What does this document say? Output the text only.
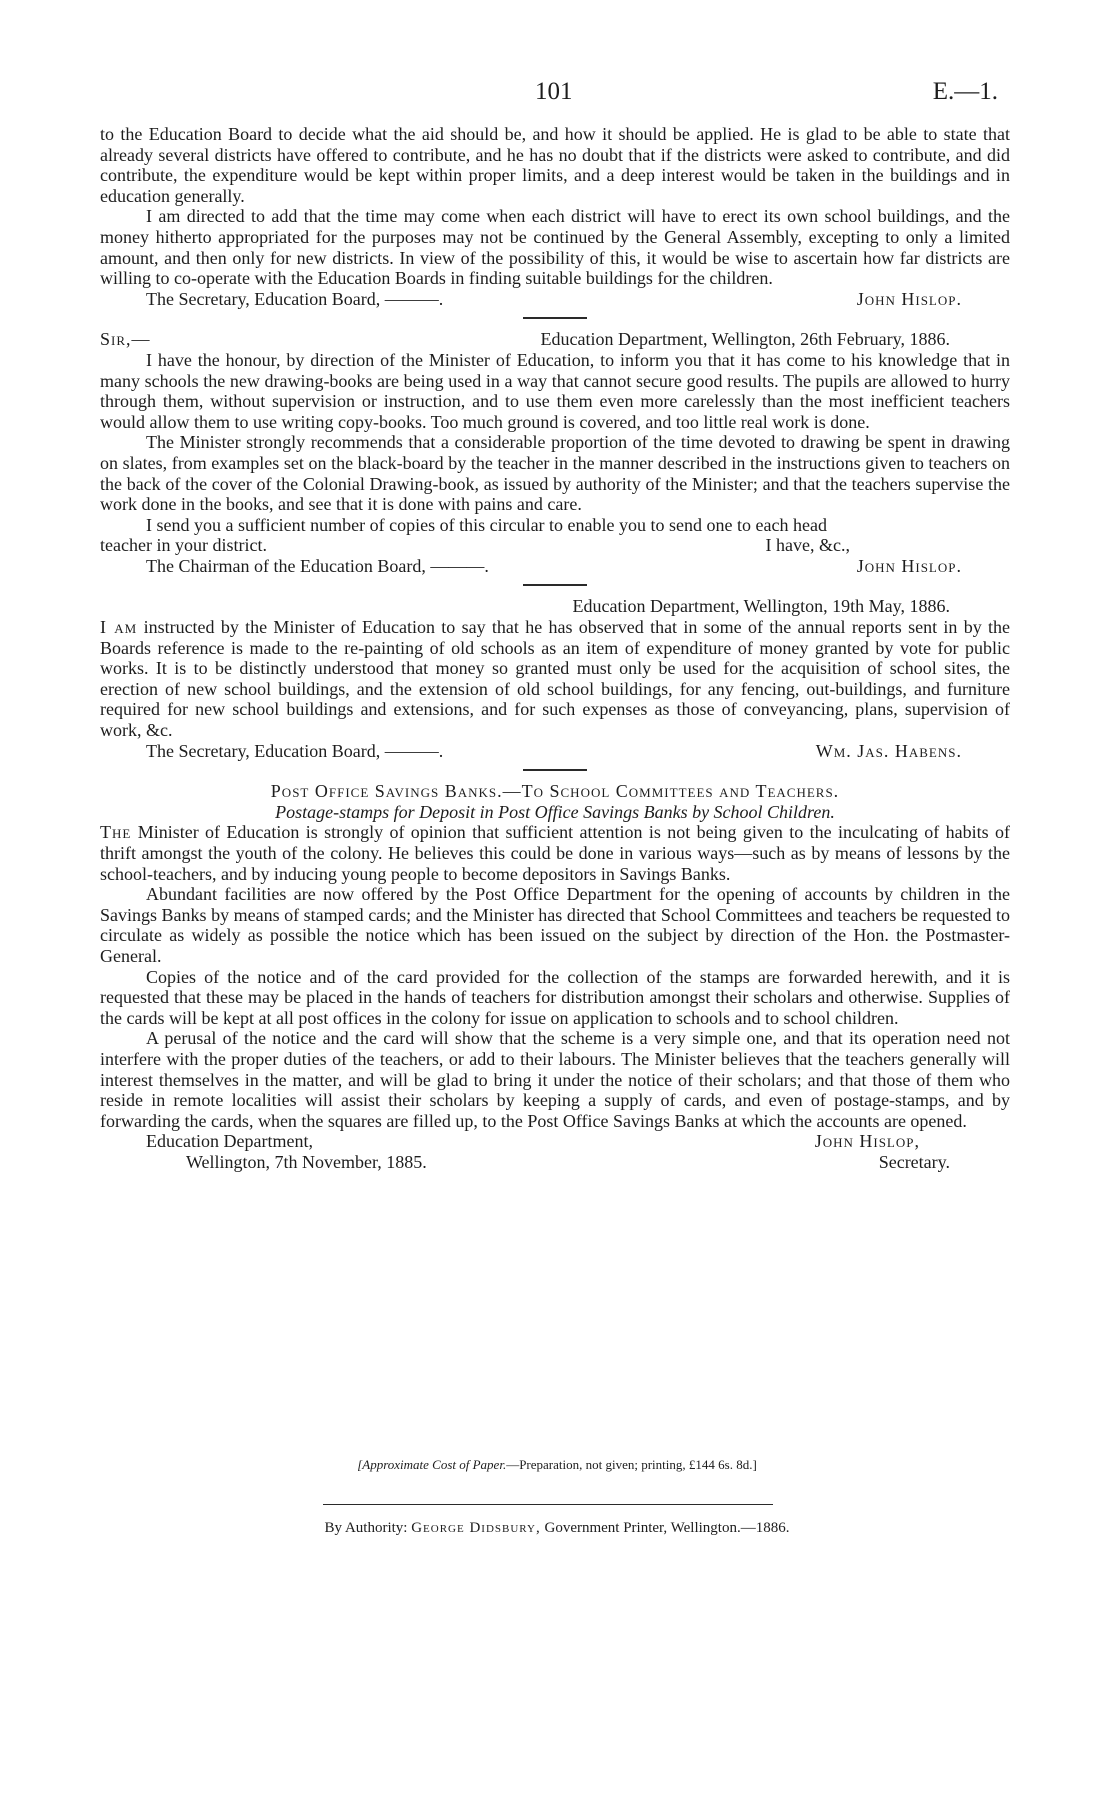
101	E.—1.

to the Education Board to decide what the aid should be, and how it should be applied. He is glad to be able to state that already several districts have offered to contribute, and he has no doubt that if the districts were asked to contribute, and did contribute, the expenditure would be kept within proper limits, and a deep interest would be taken in the buildings and in education generally.

I am directed to add that the time may come when each district will have to erect its own school buildings, and the money hitherto appropriated for the purposes may not be continued by the General Assembly, excepting to only a limited amount, and then only for new districts. In view of the possibility of this, it would be wise to ascertain how far districts are willing to co-operate with the Education Boards in finding suitable buildings for the children.

The Secretary, Education Board, ———.	John Hislop.
Sir,—	Education Department, Wellington, 26th February, 1886.

I have the honour, by direction of the Minister of Education, to inform you that it has come to his knowledge that in many schools the new drawing-books are being used in a way that cannot secure good results. The pupils are allowed to hurry through them, without supervision or instruction, and to use them even more carelessly than the most inefficient teachers would allow them to use writing copy-books. Too much ground is covered, and too little real work is done.

The Minister strongly recommends that a considerable proportion of the time devoted to drawing be spent in drawing on slates, from examples set on the black-board by the teacher in the manner described in the instructions given to teachers on the back of the cover of the Colonial Drawing-book, as issued by authority of the Minister; and that the teachers supervise the work done in the books, and see that it is done with pains and care.

I send you a sufficient number of copies of this circular to enable you to send one to each head

teacher in your district.	I have, &c.,
The Chairman of the Education Board, ———.	John Hislop.
Education Department, Wellington, 19th May, 1886.

I am instructed by the Minister of Education to say that he has observed that in some of the annual reports sent in by the Boards reference is made to the re-painting of old schools as an item of expenditure of money granted by vote for public works. It is to be distinctly understood that money so granted must only be used for the acquisition of school sites, the erection of new school buildings, and the extension of old school buildings, for any fencing, out-buildings, and furniture required for new school buildings and extensions, and for such expenses as those of conveyancing, plans, supervision of work, &c.

The Secretary, Education Board, ———.	Wm. Jas. Habens.
Post Office Savings Banks.—To School Committees and Teachers.
Postage-stamps for Deposit in Post Office Savings Banks by School Children.

The Minister of Education is strongly of opinion that sufficient attention is not being given to the inculcating of habits of thrift amongst the youth of the colony. He believes this could be done in various ways—such as by means of lessons by the school-teachers, and by inducing young people to become depositors in Savings Banks.

Abundant facilities are now offered by the Post Office Department for the opening of accounts by children in the Savings Banks by means of stamped cards; and the Minister has directed that School Committees and teachers be requested to circulate as widely as possible the notice which has been issued on the subject by direction of the Hon. the Postmaster-General.

Copies of the notice and of the card provided for the collection of the stamps are forwarded herewith, and it is requested that these may be placed in the hands of teachers for distribution amongst their scholars and otherwise. Supplies of the cards will be kept at all post offices in the colony for issue on application to schools and to school children.

A perusal of the notice and the card will show that the scheme is a very simple one, and that its operation need not interfere with the proper duties of the teachers, or add to their labours. The Minister believes that the teachers generally will interest themselves in the matter, and will be glad to bring it under the notice of their scholars; and that those of them who reside in remote localities will assist their scholars by keeping a supply of cards, and even of postage-stamps, and by forwarding the cards, when the squares are filled up, to the Post Office Savings Banks at which the accounts are opened.

Education Department,	John Hislop,
Wellington, 7th November, 1885.	Secretary.
[Approximate Cost of Paper.—Preparation, not given; printing, £144 6s. 8d.]
By Authority: George Didsbury, Government Printer, Wellington.—1886.
